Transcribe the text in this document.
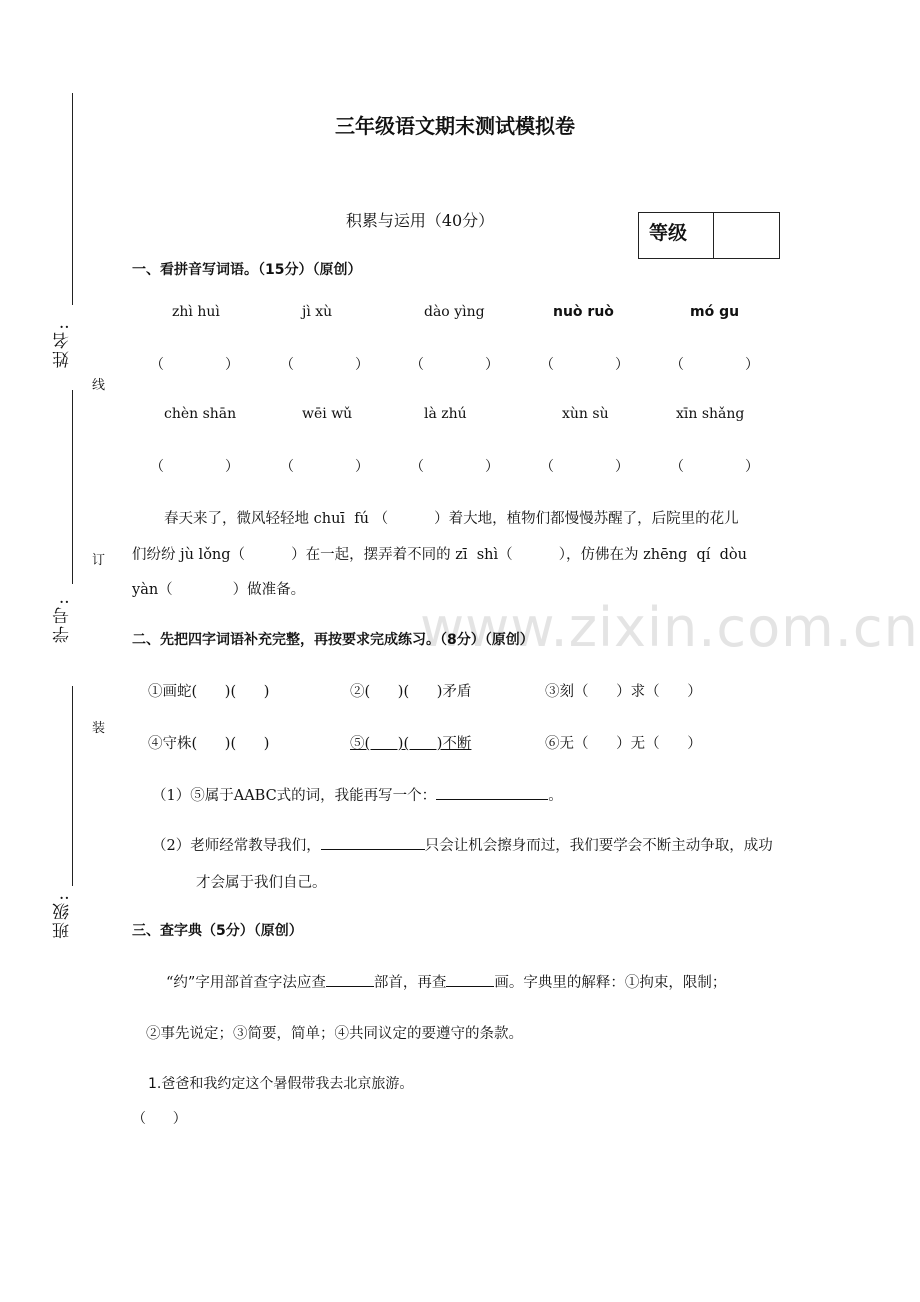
姓名:
学号:
班级:
线
订
装
www.zixin.com.cn
三年级语文期末测试模拟卷
积累与运用（40分）
等级
一、看拼音写词语。（15分）（原创）
zhì huì	jì xù	dào yìng	nuò ruò	mó gu
（	）	（	）	（	）	（	）	（	）
chèn shān	wēi wǔ	là zhú	xùn sù	xīn shǎng
（	）	（	）	（	）	（	）	（	）
春天来了，微风轻轻地 chuī  fú （          ）着大地，植物们都慢慢苏醒了，后院里的花儿
们纷纷 jù lǒng（          ）在一起，摆弄着不同的 zī  shì（          ），仿佛在为 zhēng  qí  dòu
yàn（             ）做准备。
二、先把四字词语补充完整，再按要求完成练习。（8分）（原创）
①画蛇(      )(      )	②(      )(      )矛盾	③刻（      ）求（      ）
④守株(      )(      )	⑤(      )(      )不断	⑥无（      ）无（      ）
（1）⑤属于AABC式的词，我能再写一个：	。
（2）老师经常教导我们，	只会让机会擦身而过，我们要学会不断主动争取，成功
才会属于我们自己。
三、查字典（5分）（原创）
“约”字用部首查字法应查	部首，再查	画。字典里的解释：①拘束，限制；
②事先说定；③简要，简单；④共同议定的要遵守的条款。
1.爸爸和我约定这个暑假带我去北京旅游。
（      ）
